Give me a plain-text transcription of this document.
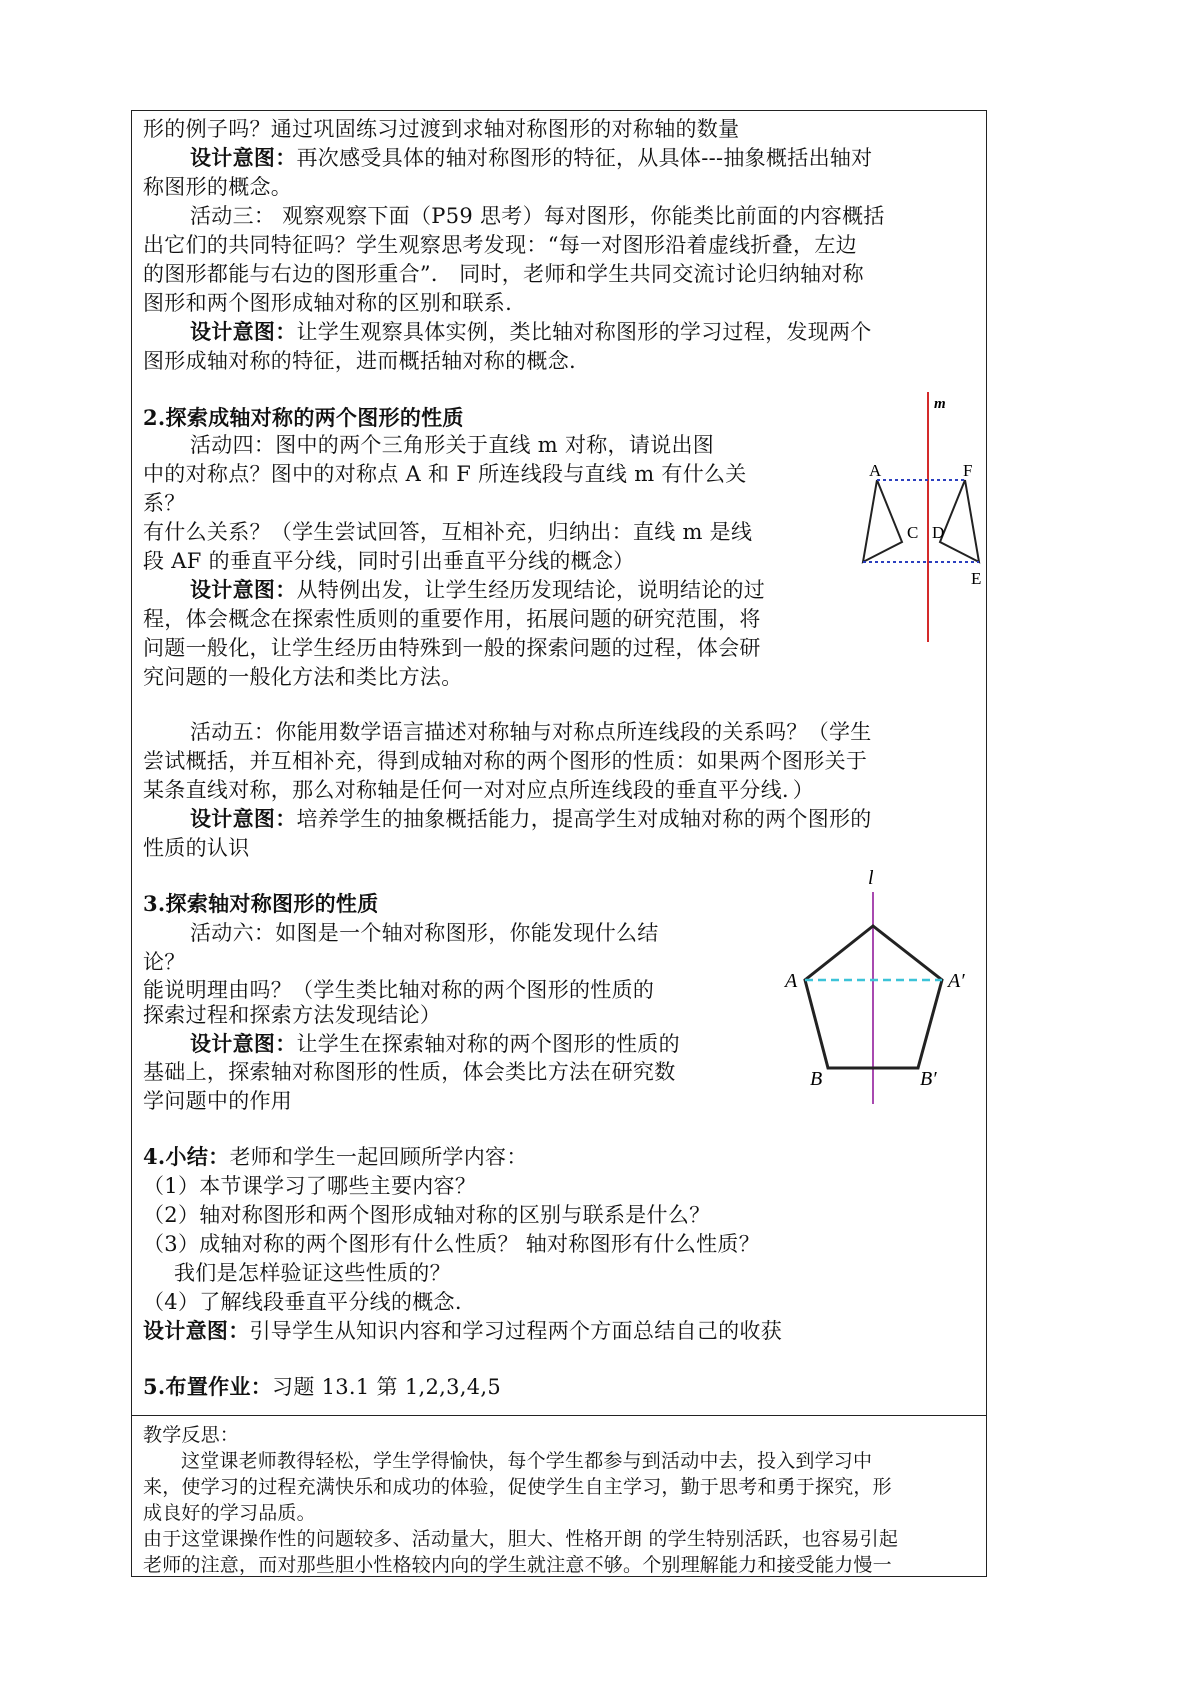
形的例子吗？通过巩固练习过渡到求轴对称图形的对称轴的数量
设计意图：再次感受具体的轴对称图形的特征，从具体---抽象概括出轴对
称图形的概念。
活动三： 观察观察下面（P59 思考）每对图形，你能类比前面的内容概括
出它们的共同特征吗？学生观察思考发现：“每一对图形沿着虚线折叠，左边
的图形都能与右边的图形重合”． 同时，老师和学生共同交流讨论归纳轴对称
图形和两个图形成轴对称的区别和联系.
设计意图：让学生观察具体实例，类比轴对称图形的学习过程，发现两个
图形成轴对称的特征，进而概括轴对称的概念.
2.探索成轴对称的两个图形的性质
活动四：图中的两个三角形关于直线 m 对称，请说出图
中的对称点？图中的对称点 A 和 F 所连线段与直线 m 有什么关
系？
有什么关系？（学生尝试回答，互相补充，归纳出：直线 m 是线
段 AF 的垂直平分线，同时引出垂直平分线的概念）
设计意图：从特例出发，让学生经历发现结论，说明结论的过
程，体会概念在探索性质则的重要作用，拓展问题的研究范围，将
问题一般化，让学生经历由特殊到一般的探索问题的过程，体会研
究问题的一般化方法和类比方法。
活动五：你能用数学语言描述对称轴与对称点所连线段的关系吗？（学生
尝试概括，并互相补充，得到成轴对称的两个图形的性质：如果两个图形关于
某条直线对称，那么对称轴是任何一对对应点所连线段的垂直平分线．）
设计意图：培养学生的抽象概括能力，提高学生对成轴对称的两个图形的
性质的认识
3.探索轴对称图形的性质
活动六：如图是一个轴对称图形，你能发现什么结
论？
能说明理由吗？（学生类比轴对称的两个图形的性质的
探索过程和探索方法发现结论）
设计意图：让学生在探索轴对称的两个图形的性质的
基础上，探索轴对称图形的性质，体会类比方法在研究数
学问题中的作用
4.小结：老师和学生一起回顾所学内容：
（1）本节课学习了哪些主要内容？
（2）轴对称图形和两个图形成轴对称的区别与联系是什么？
（3）成轴对称的两个图形有什么性质？ 轴对称图形有什么性质？
我们是怎样验证这些性质的？
（4）了解线段垂直平分线的概念.
设计意图：引导学生从知识内容和学习过程两个方面总结自己的收获
5.布置作业：习题 13.1 第 1,2,3,4,5
教学反思：
这堂课老师教得轻松，学生学得愉快，每个学生都参与到活动中去，投入到学习中
来，使学习的过程充满快乐和成功的体验，促使学生自主学习，勤于思考和勇于探究，形
成良好的学习品质。
由于这堂课操作性的问题较多、活动量大，胆大、性格开朗 的学生特别活跃，也容易引起
老师的注意，而对那些胆小性格较内向的学生就注意不够。个别理解能力和接受能力慢一
m
A	F
C D
E
l
A	A′
B	B′
